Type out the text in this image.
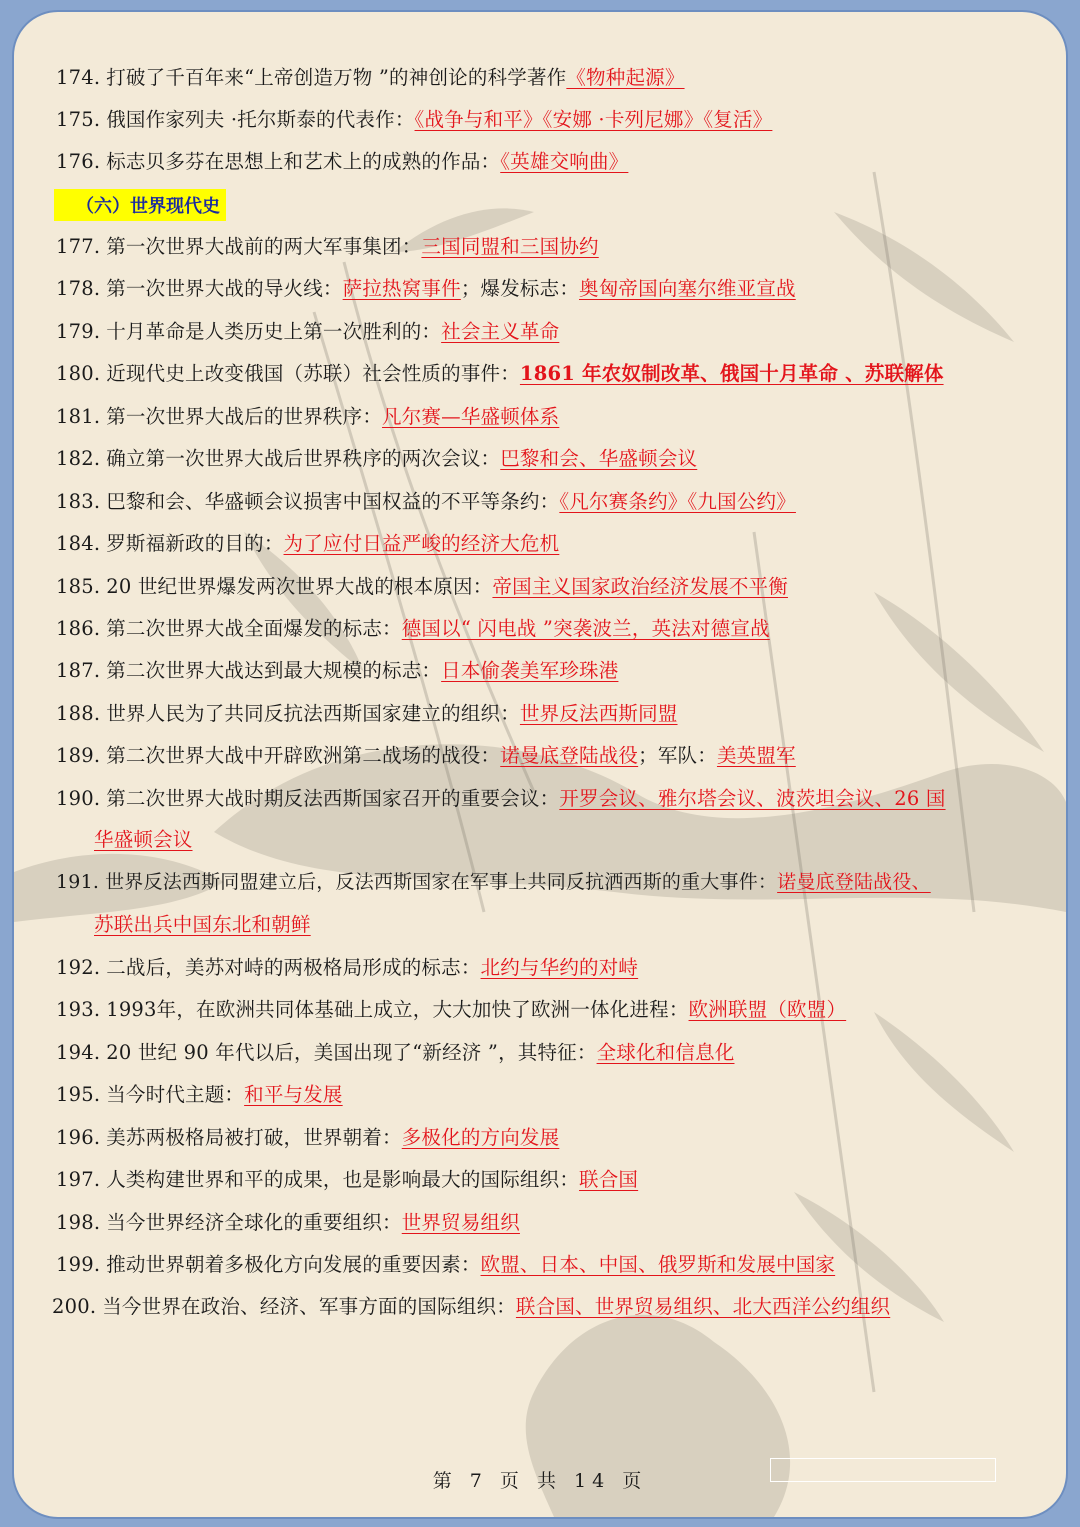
174. 打破了千百年来“上帝创造万物 ”的神创论的科学著作《物种起源》
175. 俄国作家列夫 ·托尔斯泰的代表作：《战争与和平》《安娜 ·卡列尼娜》《复活》
176. 标志贝多芬在思想上和艺术上的成熟的作品：《英雄交响曲》
（六）世界现代史
177. 第一次世界大战前的两大军事集团：三国同盟和三国协约
178. 第一次世界大战的导火线：萨拉热窝事件；爆发标志：奥匈帝国向塞尔维亚宣战
179. 十月革命是人类历史上第一次胜利的：社会主义革命
180. 近现代史上改变俄国（苏联）社会性质的事件：1861 年农奴制改革、俄国十月革命 、苏联解体
181. 第一次世界大战后的世界秩序：凡尔赛—华盛顿体系
182. 确立第一次世界大战后世界秩序的两次会议：巴黎和会、华盛顿会议
183. 巴黎和会、华盛顿会议损害中国权益的不平等条约：《凡尔赛条约》《九国公约》
184. 罗斯福新政的目的：为了应付日益严峻的经济大危机
185. 20 世纪世界爆发两次世界大战的根本原因：帝国主义国家政治经济发展不平衡
186. 第二次世界大战全面爆发的标志：德国以“ 闪电战 ”突袭波兰，英法对德宣战
187. 第二次世界大战达到最大规模的标志：日本偷袭美军珍珠港
188. 世界人民为了共同反抗法西斯国家建立的组织：世界反法西斯同盟
189. 第二次世界大战中开辟欧洲第二战场的战役：诺曼底登陆战役；军队：美英盟军
190. 第二次世界大战时期反法西斯国家召开的重要会议：开罗会议、雅尔塔会议、波茨坦会议、26 国
华盛顿会议
191. 世界反法西斯同盟建立后，反法西斯国家在军事上共同反抗洒西斯的重大事件：诺曼底登陆战役、
苏联出兵中国东北和朝鲜
192. 二战后，美苏对峙的两极格局形成的标志：北约与华约的对峙
193. 1993年，在欧洲共同体基础上成立，大大加快了欧洲一体化进程：欧洲联盟（欧盟）
194. 20 世纪 90 年代以后，美国出现了“新经济 ”，其特征：全球化和信息化
195. 当今时代主题：和平与发展
196. 美苏两极格局被打破，世界朝着：多极化的方向发展
197. 人类构建世界和平的成果，也是影响最大的国际组织：联合国
198. 当今世界经济全球化的重要组织：世界贸易组织
199. 推动世界朝着多极化方向发展的重要因素：欧盟、日本、中国、俄罗斯和发展中国家
200. 当今世界在政治、经济、军事方面的国际组织：联合国、世界贸易组织、北大西洋公约组织
第 7 页 共 14 页
